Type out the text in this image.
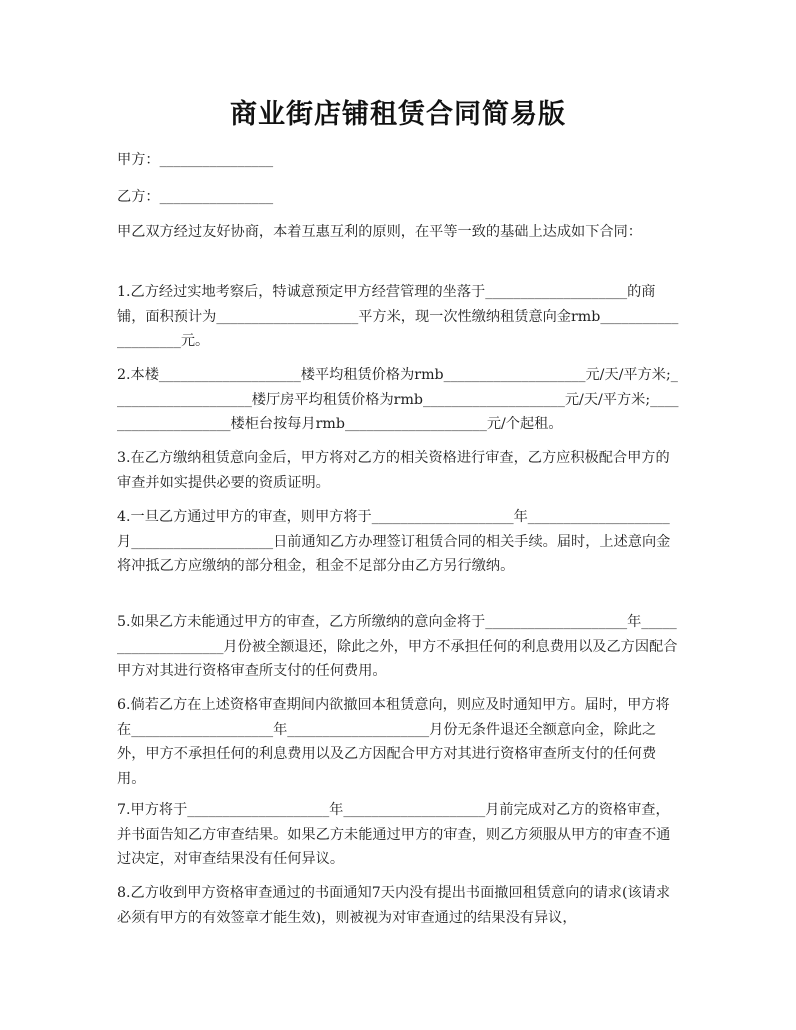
商业街店铺租赁合同简易版
甲方：________________
乙方：________________
甲乙双方经过友好协商，本着互惠互利的原则，在平等一致的基础上达成如下合同：
1.乙方经过实地考察后，特诚意预定甲方经营管理的坐落于____________________的商铺，面积预计为____________________平方米，现一次性缴纳租赁意向金rmb____________________元。
2.本楼____________________楼平均租赁价格为rmb____________________元/天/平方米;____________________楼厅房平均租赁价格为rmb____________________元/天/平方米;____________________楼柜台按每月rmb____________________元/个起租。
3.在乙方缴纳租赁意向金后，甲方将对乙方的相关资格进行审查，乙方应积极配合甲方的审查并如实提供必要的资质证明。
4.一旦乙方通过甲方的审查，则甲方将于____________________年____________________月____________________日前通知乙方办理签订租赁合同的相关手续。届时，上述意向金将冲抵乙方应缴纳的部分租金，租金不足部分由乙方另行缴纳。
5.如果乙方未能通过甲方的审查，乙方所缴纳的意向金将于____________________年____________________月份被全额退还，除此之外，甲方不承担任何的利息费用以及乙方因配合甲方对其进行资格审查所支付的任何费用。
6.倘若乙方在上述资格审查期间内欲撤回本租赁意向，则应及时通知甲方。届时，甲方将在____________________年____________________月份无条件退还全额意向金，除此之外，甲方不承担任何的利息费用以及乙方因配合甲方对其进行资格审查所支付的任何费用。
7.甲方将于____________________年____________________月前完成对乙方的资格审查，并书面告知乙方审查结果。如果乙方未能通过甲方的审查，则乙方须服从甲方的审查不通过决定，对审查结果没有任何异议。
8.乙方收到甲方资格审查通过的书面通知7天内没有提出书面撤回租赁意向的请求(该请求必须有甲方的有效签章才能生效)，则被视为对审查通过的结果没有异议，
